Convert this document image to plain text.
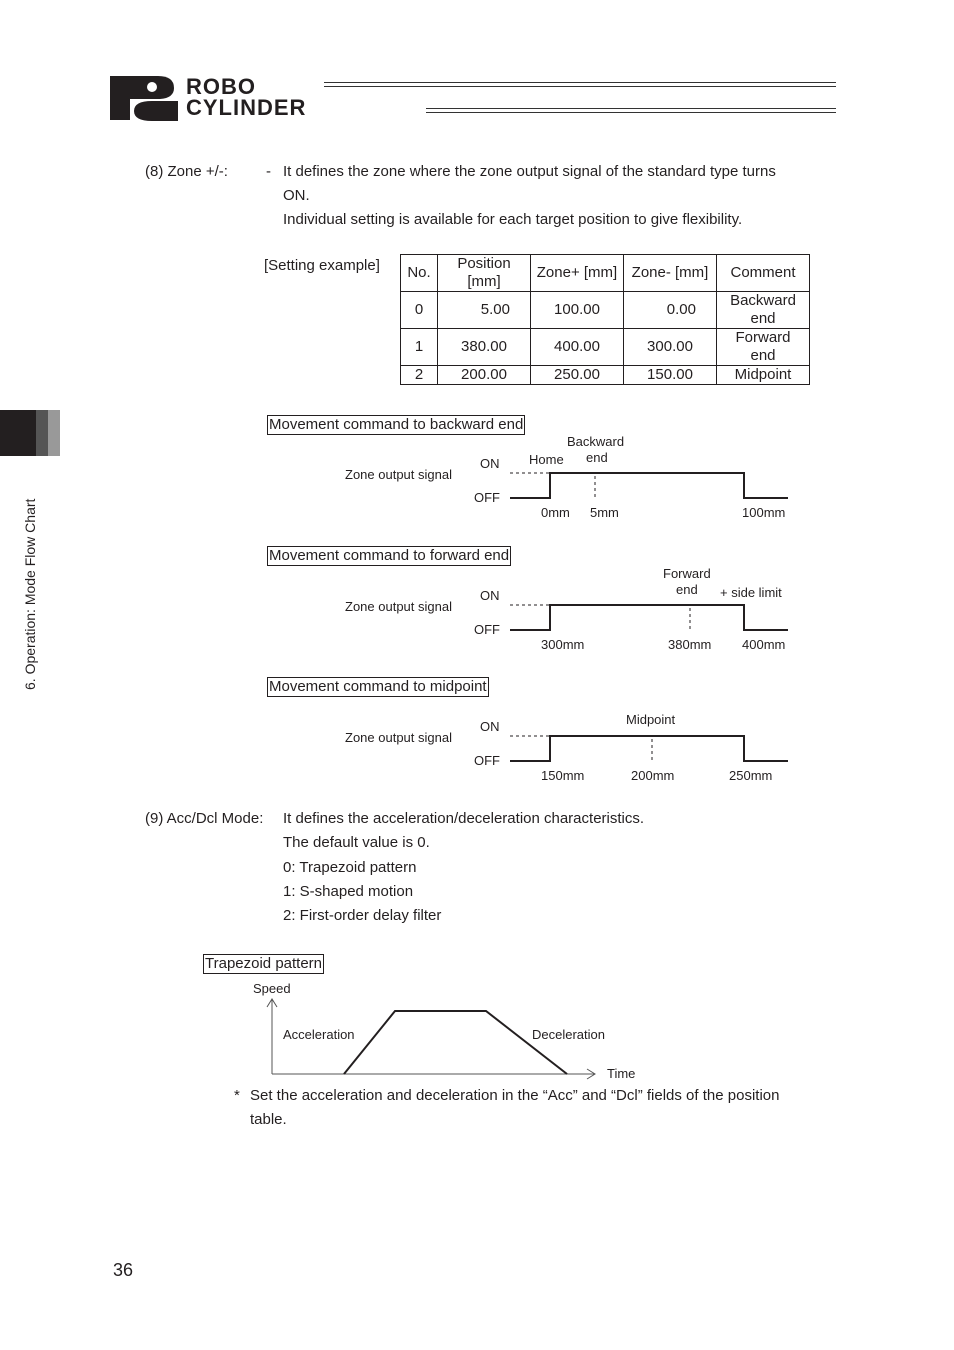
ROBO
CYLINDER
6. Operation: Mode Flow Chart
(8) Zone +/-:	- It defines the zone where the zone output signal of the standard type turns
ON.
Individual setting is available for each target position to give flexibility.
[Setting example] No.	Position [mm]	Zone+ [mm]	Zone- [mm]	Comment
0	5.00	100.00	0.00	Backward end
1	380.00	400.00	300.00	Forward end
2	200.00	250.00	150.00	Midpoint
Movement command to backward end
Zone output signal
ON
OFF
Home
Backward
end
0mm 5mm	100mm
Movement command to forward end
Zone output signal
ON
OFF
Forward
end + side limit
300mm	380mm 400mm
Movement command to midpoint
Zone output signal
ON
OFF
Midpoint
150mm	200mm	250mm
(9) Acc/Dcl Mode: It defines the acceleration/deceleration characteristics.
The default value is 0.
0: Trapezoid pattern
1: S-shaped motion
2: First-order delay filter
Trapezoid pattern
Speed
Acceleration	Deceleration
Time
* Set the acceleration and deceleration in the “Acc” and “Dcl” fields of the position
table.
36
